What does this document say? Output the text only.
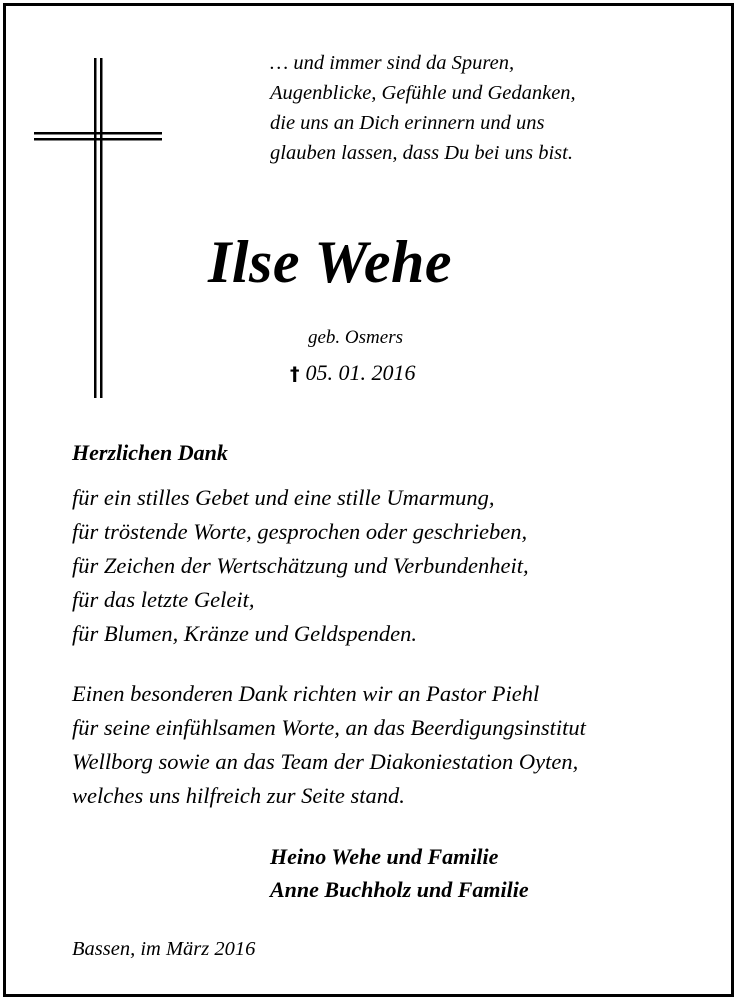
… und immer sind da Spuren,
Augenblicke, Gefühle und Gedanken,
die uns an Dich erinnern und uns
glauben lassen, dass Du bei uns bist.
Ilse Wehe
geb. Osmers
† 05. 01. 2016
Herzlichen Dank
für ein stilles Gebet und eine stille Umarmung,
für tröstende Worte, gesprochen oder geschrieben,
für Zeichen der Wertschätzung und Verbundenheit,
für das letzte Geleit,
für Blumen, Kränze und Geldspenden.
Einen besonderen Dank richten wir an Pastor Piehl
für seine einfühlsamen Worte, an das Beerdigungsinstitut
Wellborg sowie an das Team der Diakoniestation Oyten,
welches uns hilfreich zur Seite stand.
Heino Wehe und Familie
Anne Buchholz und Familie
Bassen, im März 2016
